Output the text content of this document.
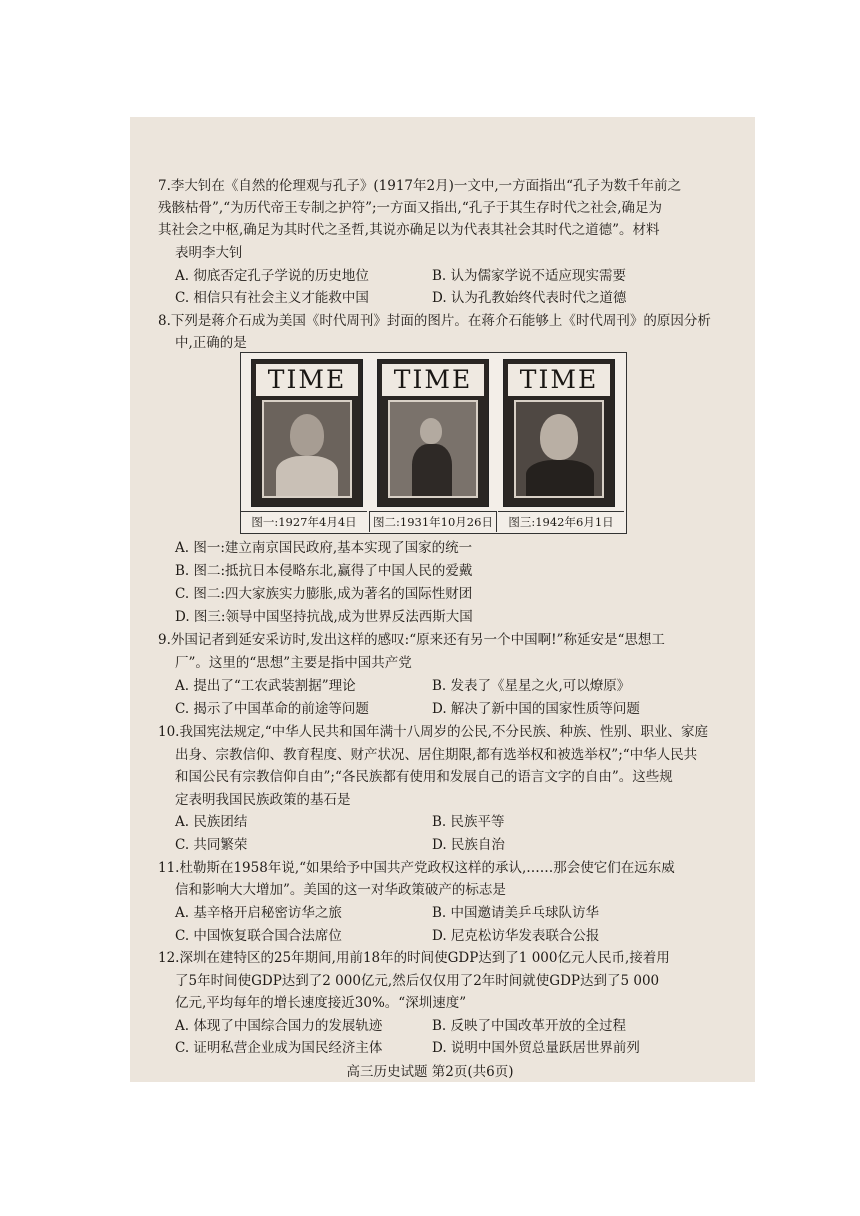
7.李大钊在《自然的伦理观与孔子》(1917年2月)一文中,一方面指出“孔子为数千年前之
残骸枯骨”,“为历代帝王专制之护符”;一方面又指出,“孔子于其生存时代之社会,确足为
其社会之中枢,确足为其时代之圣哲,其说亦确足以为代表其社会其时代之道德”。材料
表明李大钊
A. 彻底否定孔子学说的历史地位	B. 认为儒家学说不适应现实需要
C. 相信只有社会主义才能救中国	D. 认为孔教始终代表时代之道德
8.下列是蒋介石成为美国《时代周刊》封面的图片。在蒋介石能够上《时代周刊》的原因分析
中,正确的是
TIME	TIME	TIME
图一:1927年4月4日	图二:1931年10月26日	图三:1942年6月1日
A. 图一:建立南京国民政府,基本实现了国家的统一
B. 图二:抵抗日本侵略东北,赢得了中国人民的爱戴
C. 图二:四大家族实力膨胀,成为著名的国际性财团
D. 图三:领导中国坚持抗战,成为世界反法西斯大国
9.外国记者到延安采访时,发出这样的感叹:“原来还有另一个中国啊!”称延安是“思想工
厂”。这里的“思想”主要是指中国共产党
A. 提出了“工农武装割据”理论	B. 发表了《星星之火,可以燎原》
C. 揭示了中国革命的前途等问题	D. 解决了新中国的国家性质等问题
10.我国宪法规定,“中华人民共和国年满十八周岁的公民,不分民族、种族、性别、职业、家庭
出身、宗教信仰、教育程度、财产状况、居住期限,都有选举权和被选举权”;“中华人民共
和国公民有宗教信仰自由”;“各民族都有使用和发展自己的语言文字的自由”。这些规
定表明我国民族政策的基石是
A. 民族团结	B. 民族平等
C. 共同繁荣	D. 民族自治
11.杜勒斯在1958年说,“如果给予中国共产党政权这样的承认,……那会使它们在远东威
信和影响大大增加”。美国的这一对华政策破产的标志是
A. 基辛格开启秘密访华之旅	B. 中国邀请美乒乓球队访华
C. 中国恢复联合国合法席位	D. 尼克松访华发表联合公报
12.深圳在建特区的25年期间,用前18年的时间使GDP达到了1 000亿元人民币,接着用
了5年时间使GDP达到了2 000亿元,然后仅仅用了2年时间就使GDP达到了5 000
亿元,平均每年的增长速度接近30%。“深圳速度”
A. 体现了中国综合国力的发展轨迹	B. 反映了中国改革开放的全过程
C. 证明私营企业成为国民经济主体	D. 说明中国外贸总量跃居世界前列
高三历史试题 第2页(共6页)
